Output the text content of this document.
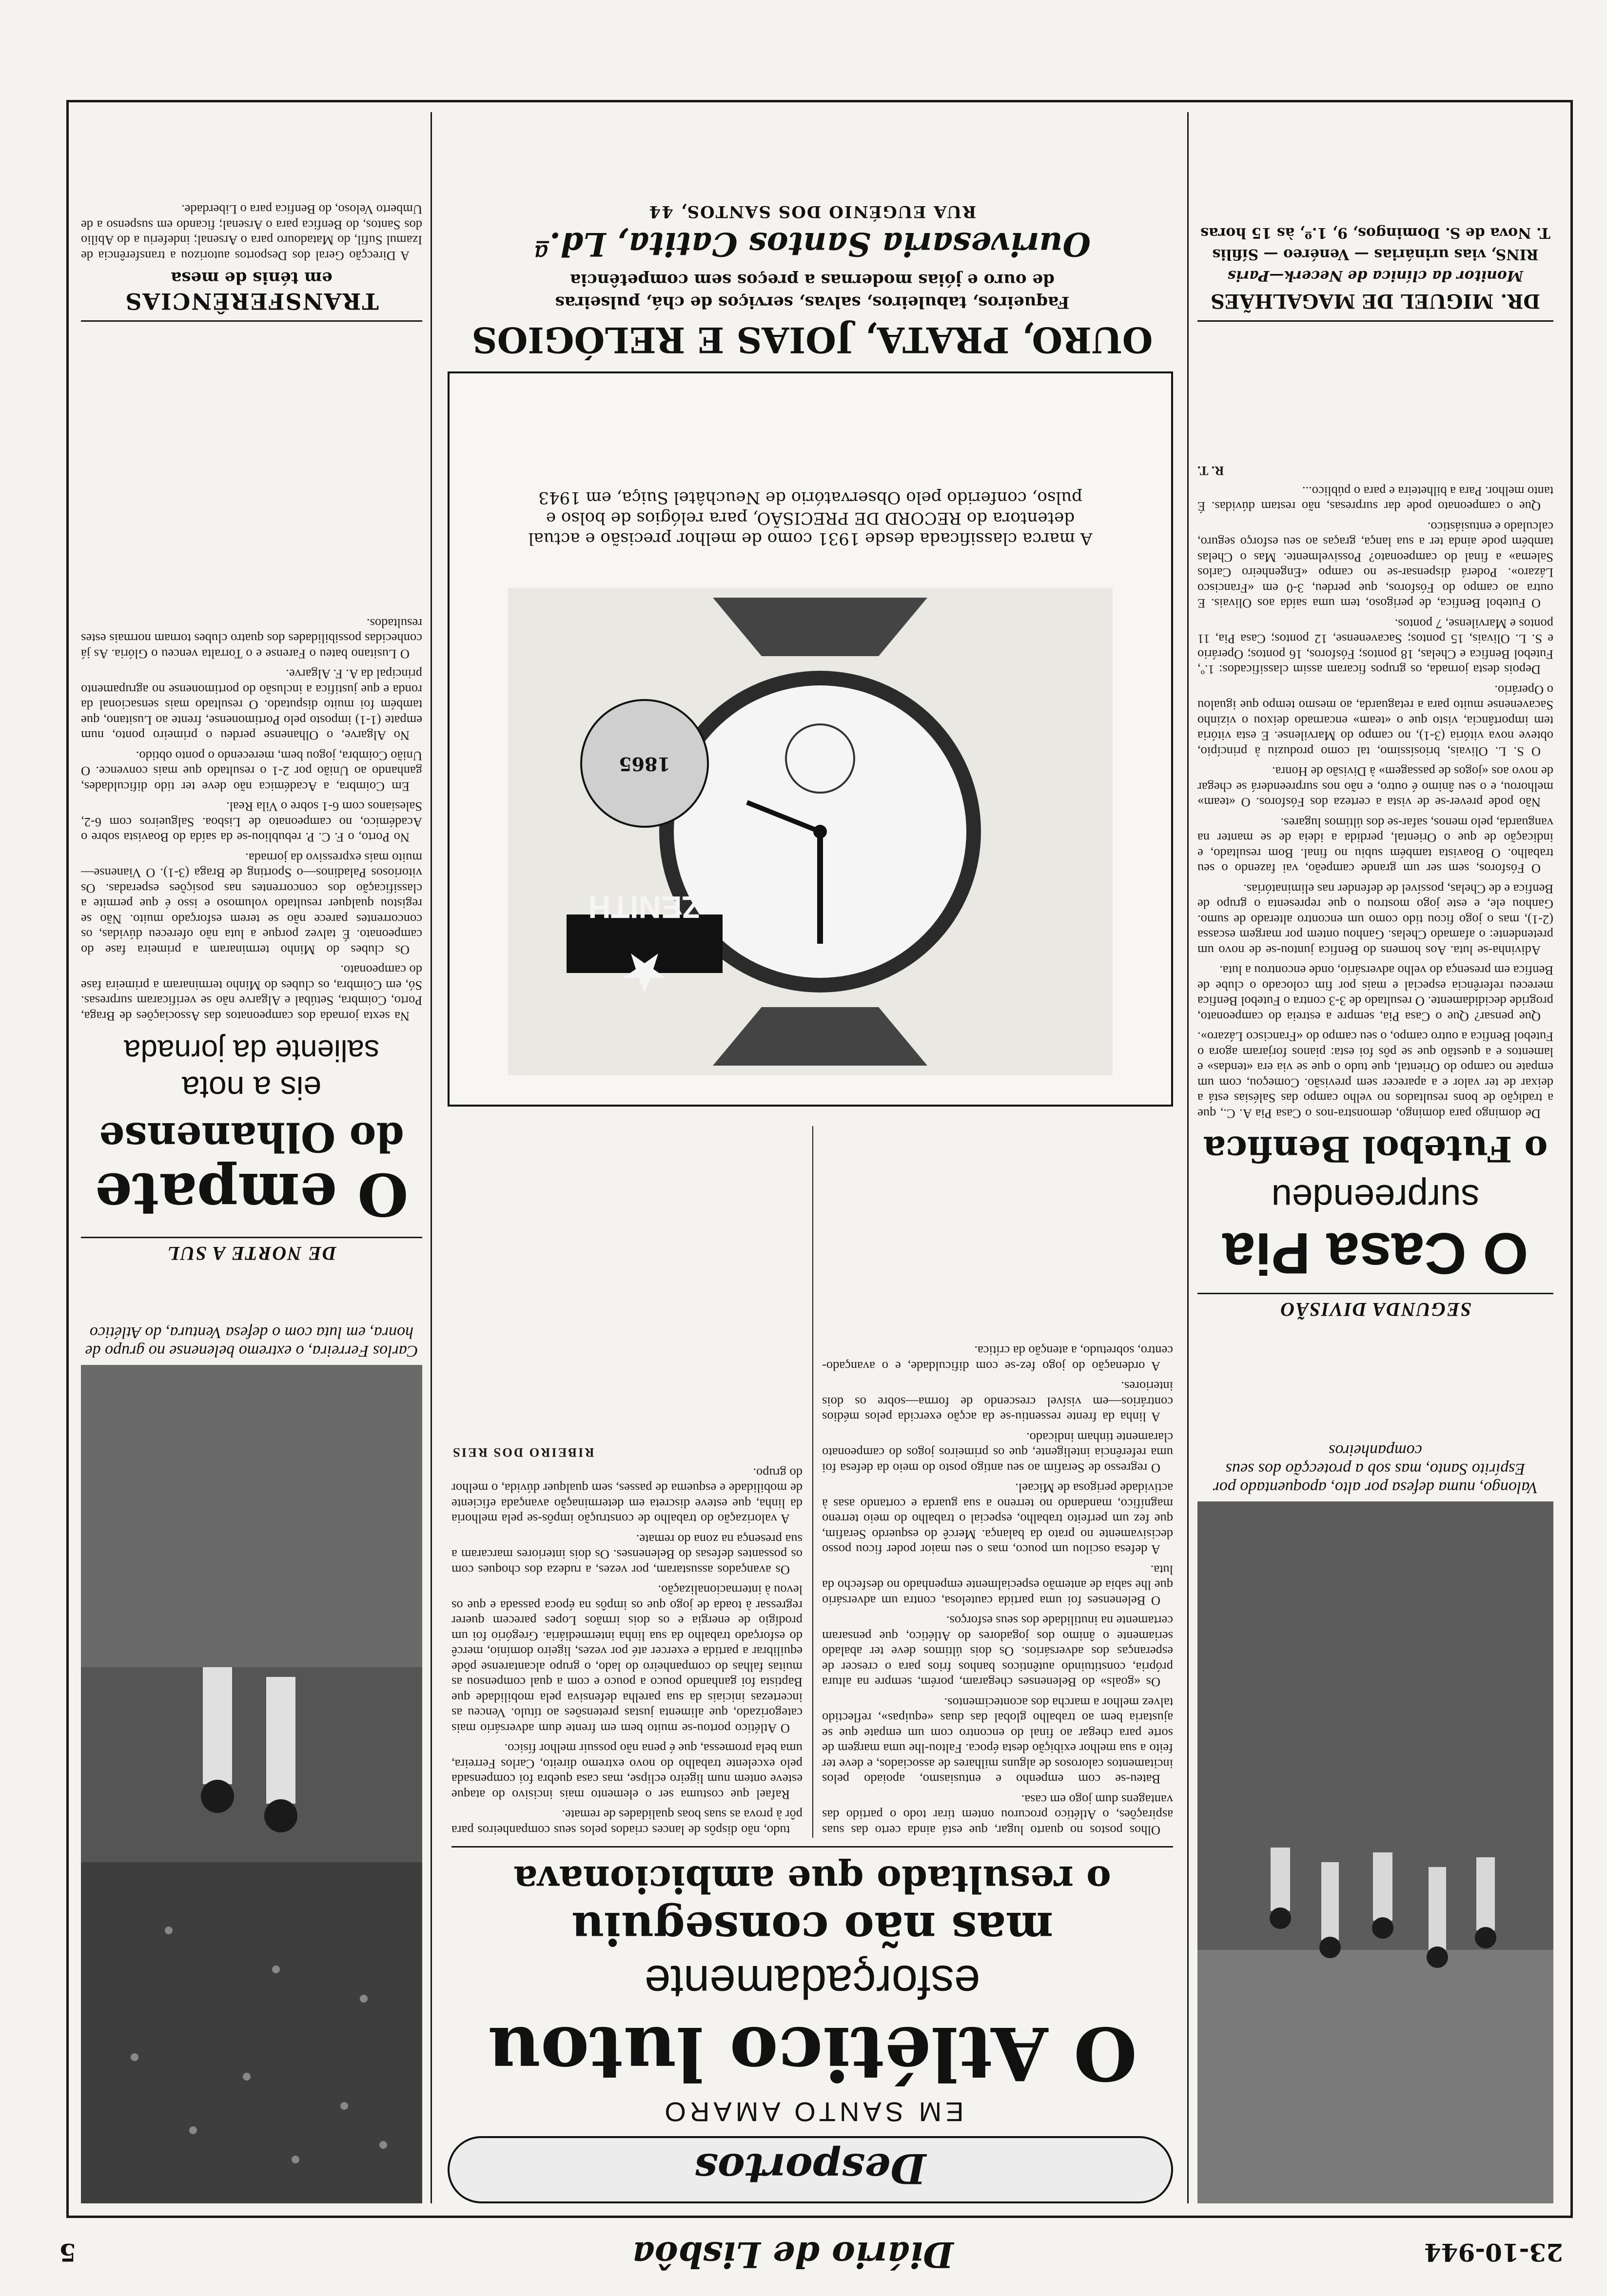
23-10-944
Diário de Lisbôa
5
Valongo, numa defesa por alto, apoquentado por Espírito Santo, mas sob a protecção dos seus companheiros
Desportos
EM SANTO AMARO
O Atlético lutou
esforçadamente
mas não conseguiu
o resultado que ambicionava

Olhos postos no quarto lugar, que está ainda certo das suas aspirações, o Atlético procurou ontem tirar todo o partido das vantagens dum jogo em casa.

Bateu-se com empenho e entusiasmo, apoiado pelos incitamentos calorosos de alguns milhares de associados, e deve ter feito a sua melhor exibição desta época. Faltou-lhe uma margem de sorte para chegar ao final do encontro com um empate que se ajustaria bem ao trabalho global das duas «equipas», reflectido talvez melhor a marcha dos acontecimentos.

Os «goals» do Belenenses chegaram, porém, sempre na altura própria, constituindo autênticos banhos frios para o crescer de esperanças dos adversários. Os dois últimos deve ter abalado seriamente o ânimo dos jogadores do Atlético, que pensaram certamente na inutilidade dos seus esforços.

O Belenenses foi uma partida cautelosa, contra um adversário que lhe sabia de antemão especialmente empenhado no desfecho da luta.

A defesa oscilou um pouco, mas o seu maior poder ficou posso decisivamente no prato da balança. Mercê do esquerdo Serafim, que fez um perfeito trabalho, especial o trabalho do meio terreno magnífico, mandando no terreno a sua guarda e cortando asas à actividade perigosa de Micael.

O regresso de Serafim ao seu antigo posto do meio da defesa foi uma referência inteligente, que os primeiros jogos do campeonato claramente tinham indicado.

A linha da frente ressentiu-se da acção exercida pelos médios contrários—em visível crescendo de forma—sobre os dois interiores.

A ordenação do jogo fez-se com dificuldade, e o avançado-centro, sobretudo, a atenção da crítica.

tudo, não dispôs de lances criados pelos seus companheiros para pôr à prova as suas boas qualidades de remate.

Rafael que costuma ser o elemento mais incisivo do ataque esteve ontem num ligeiro eclipse, mas casa quebra foi compensada pelo excelente trabalho do novo extremo direito, Carlos Ferreira, uma bela promessa, que é pena não possuir melhor físico.

O Atlético portou-se muito bem em frente dum adversário mais categorizado, que alimenta justas pretensões ao título. Venceu as incertezas iniciais da sua parelha defensiva pela mobilidade que Baptista foi ganhando pouco a pouco e com a qual compensou as muitas falhas do companheiro do lado, o grupo alcantarense pôde equilibrar a partida e exercer até por vezes, ligeiro domínio, mercê do esforçado trabalho da sua linha intermediária. Gregório foi um prodígio de energia e os dois irmãos Lopes parecem querer regressar à toada de jogo que os impôs na época passada e que os levou à internacionalização.

Os avançados assustaram, por vezes, a rudeza dos choques com os possantes defesas do Belenenses. Os dois interiores marcaram a sua presença na zona do remate.

A valorização do trabalho de construção impôs-se pela melhoria da linha, que esteve discreta em determinação avançada eficiente de mobilidade e esquema de passes, sem qualquer dúvida, o melhor do grupo.

RIBEIRO DOS REIS

DE NORTE A SUL
O empate
do Olhanense
eis a nota
saliente da jornada

Na sexta jornada dos campeonatos das Associações de Braga, Porto, Coimbra, Setúbal e Algarve não se verificaram surpresas. Só, em Coimbra, os clubes do Minho terminaram a primeira fase do campeonato.

Os clubes do Minho terminaram a primeira fase do campeonato. É talvez porque a luta não ofereceu dúvidas, os concorrentes parece não se terem esforçado muito. Não se registou qualquer resultado volumoso e isso é que permite a classificação dos concorrentes nas posições esperadas. Os vitoriosos Paladinos—o Sporting de Braga (3-1). O Vianense—muito mais expressivo da jornada.

No Porto, o F. C. P. rebubliou-se da saída do Boavista sobre o Académico, no campeonato de Lisboa. Salgueiros com 6-2, Salesianos com 6-1 sobre o Vila Real.

Em Coimbra, a Académica não deve ter tido dificuldades, ganhando ao União por 2-1 o resultado que mais convence. O União Coimbra, jogou bem, merecendo o ponto obtido.

No Algarve, o Olhanense perdeu o primeiro ponto, num empate (1-1) imposto pelo Portimonense, frente ao Lusitano, que também foi muito disputado. O resultado mais sensacional da ronda e que justifica a inclusão do portimonense no agrupamento principal da A. F. Algarve.

O Lusitano bateu o Farense e o Torralta venceu o Glória. As já conhecidas possibilidades dos quatro clubes tornam normais estes resultados.

TRANSFERÊNCIAS
em ténis de mesa

A Direcção Geral dos Desportos autorizou a transferência de Izamul Sufil, do Matadouro para o Arsenal; indeferiu a do Abílio dos Santos, do Benfica para o Arsenal; ficando em suspenso a de Umberto Veloso, do Benfica para o Liberdade.

Carlos Ferreira, o extremo belenense no grupo de honra, em luta com o defesa Ventura, do Atlético
SEGUNDA DIVISÃO
O Casa Pia
surpreendeu
o Futebol Benfica

De domingo para domingo, demonstra-nos o Casa Pia A. C., que a tradição de bons resultados no velho campo das Salésias está a deixar de ter valor e a aparecer sem previsão. Começou, com um empate no campo do Oriental, que tudo o que se via era «tendas» e lamentos e a questão que se pôs foi esta: pianos forjaram agora o Futebol Benfica a outro campo, o seu campo do «Francisco Lázaro».

Que pensar? Que o Casa Pia, sempre a estreia do campeonato, progride decididamente. O resultado de 3-3 contra o Futebol Benfica mereceu referência especial e mais por fim colocado o clube de Benfica em presença do velho adversário, onde encontrou a luta.

Adivinha-se luta. Aos homens do Benfica juntou-se de novo um pretendente: o afamado Chelas. Ganhou ontem por margem escassa (2-1), mas o jogo ficou tido como um encontro alterado de sumo. Ganhou ele, e este jogo mostrou o que representa o grupo de Benfica e de Chelas, possível de defender nas eliminatórias.

O Fósforos, sem ser um grande campeão, vai fazendo o seu trabalho. O Boavista também subiu no final. Bom resultado, e indicação de que o Oriental, perdida a ideia de se manter na vanguarda, pelo menos, safar-se dos últimos lugares.

Não pode prever-se de vista a certeza dos Fósforos. O «team» melhorou, e o seu ânimo é outro, e não nos surpreenderá se chegar de novo aos «jogos de passagem» à Divisão de Honra.

O S. L. Olivais, briosíssimo, tal como produziu à princípio, obteve nova vitória (3-1), no campo do Marvilense. E esta vitória tem importância, visto que o «team» encarnado deixou o vizinho Sacavenense muito para a retaguarda, ao mesmo tempo que igualou o Operário.

Depois desta jornada, os grupos ficaram assim classificados: 1.º, Futebol Benfica e Chelas, 18 pontos; Fósforos, 16 pontos; Operário e S. L. Olivais, 15 pontos; Sacavenense, 12 pontos; Casa Pia, 11 pontos e Marvilense, 7 pontos.

O Futebol Benfica, de perigoso, tem uma saída aos Olivais. E outra ao campo do Fósforos, que perdeu, 3-0 em «Francisco Lázaro». Poderá dispensar-se no campo «Engenheiro Carlos Salema» a final do campeonato? Possivelmente. Mas o Chelas também pode ainda ter a sua lança, graças ao seu esforço seguro, calculado e entusiástico.

Que o campeonato pode dar surpresas, não restam dúvidas. É tanto melhor. Para a bilheteira e para o público...

R. T.

DR. MIGUEL DE MAGALHÃES
Monitor da clínica de Necerk—Paris
RINS, vias urinárias — Venéreo — Sífilis
T. Nova de S. Domingos, 9, 1.º, às 15 horas
ZENITH
1865
A marca classificada desde 1931 como de melhor precisão e actual detentora do RECORD DE PRECISÃO, para relógios de bolso e pulso, conferido pelo Observatório de Neuchâtel Suiça, em 1943
OURO, PRATA, JOIAS E RELÓGIOS
Faqueiros, tabuleiros, salvas, serviços de chá, pulseiras
de ouro e jóias modernas a preços sem competência
Ourivesaria Santos Catita, Ld.ª
RUA EUGÉNIO DOS SANTOS, 44
